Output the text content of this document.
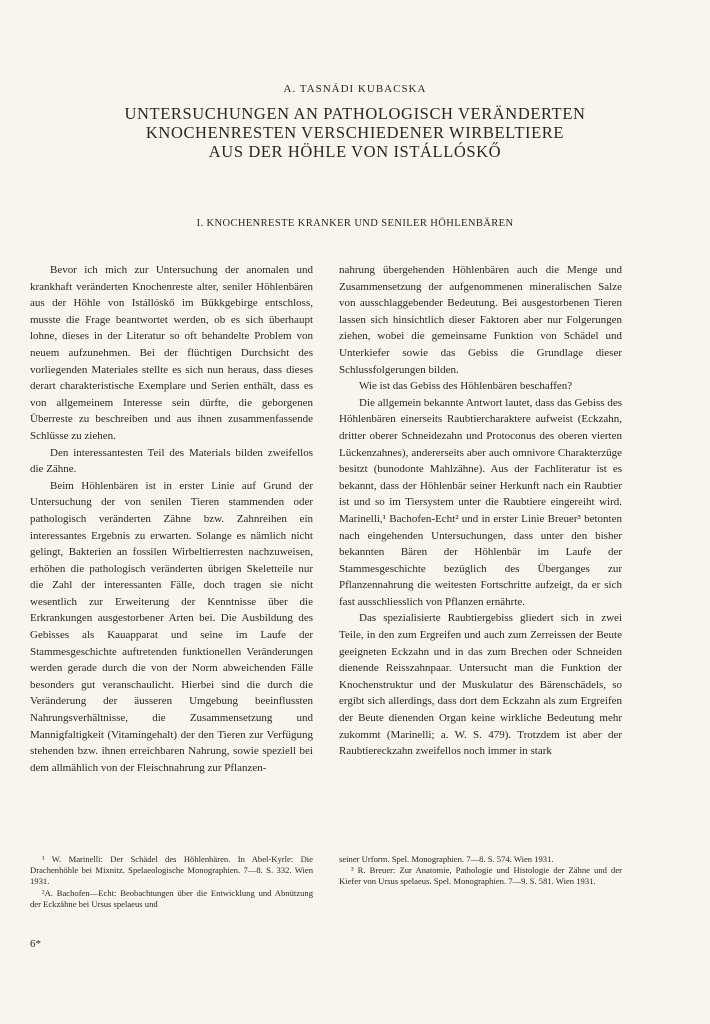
A. TASNÁDI KUBACSKA
UNTERSUCHUNGEN AN PATHOLOGISCH VERÄNDERTEN
KNOCHENRESTEN VERSCHIEDENER WIRBELTIERE
AUS DER HÖHLE VON ISTÁLLÓSKŐ
I. KNOCHENRESTE KRANKER UND SENILER HÖHLENBÄREN

Bevor ich mich zur Untersuchung der anomalen und krankhaft veränderten Knochenreste alter, seniler Höhlenbären aus der Höhle von Istállóskő im Bükkgebirge entschloss, musste die Frage beantwortet werden, ob es sich überhaupt lohne, dieses in der Literatur so oft behandelte Problem von neuem aufzunehmen. Bei der flüchtigen Durchsicht des vorliegenden Materiales stellte es sich nun heraus, dass dieses derart charakteristische Exemplare und Serien enthält, dass es von allgemeinem Interesse sein dürfte, die geborgenen Überreste zu beschreiben und aus ihnen zusammenfassende Schlüsse zu ziehen.

Den interessantesten Teil des Materials bilden zweifellos die Zähne.

Beim Höhlenbären ist in erster Linie auf Grund der Untersuchung der von senilen Tieren stammenden oder pathologisch veränderten Zähne bzw. Zahnreihen ein interessantes Ergebnis zu erwarten. Solange es nämlich nicht gelingt, Bakterien an fossilen Wirbeltierresten nachzuweisen, erhöhen die pathologisch veränderten übrigen Skeletteile nur die Zahl der interessanten Fälle, doch tragen sie nicht wesentlich zur Erweiterung der Kenntnisse über die Erkrankungen ausgestorbener Arten bei. Die Ausbildung des Gebisses als Kauapparat und seine im Laufe der Stammesgeschichte auftretenden funktionellen Veränderungen werden gerade durch die von der Norm abweichenden Fälle besonders gut veranschaulicht. Hierbei sind die durch die Veränderung der äusseren Umgebung beeinflussten Nahrungsverhältnisse, die Zusammensetzung und Mannigfaltigkeit (Vitamingehalt) der den Tieren zur Verfügung stehenden bzw. ihnen erreichbaren Nahrung, sowie speziell bei dem allmählich von der Fleischnahrung zur Pflanzen-

nahrung übergehenden Höhlenbären auch die Menge und Zusammensetzung der aufgenommenen mineralischen Salze von ausschlaggebender Bedeutung. Bei ausgestorbenen Tieren lassen sich hinsichtlich dieser Faktoren aber nur Folgerungen ziehen, wobei die gemeinsame Funktion von Schädel und Unterkiefer sowie das Gebiss die Grundlage dieser Schlussfolgerungen bilden.

Wie ist das Gebiss des Höhlenbären beschaffen?

Die allgemein bekannte Antwort lautet, dass das Gebiss des Höhlenbären einerseits Raubtiercharaktere aufweist (Eckzahn, dritter oberer Schneidezahn und Protoconus des oberen vierten Lückenzahnes), andererseits aber auch omnivore Charakterzüge besitzt (bunodonte Mahlzähne). Aus der Fachliteratur ist es bekannt, dass der Höhlenbär seiner Herkunft nach ein Raubtier ist und so im Tiersystem unter die Raubtiere eingereiht wird. Marinelli,¹ Bachofen-Echt² und in erster Linie Breuer³ betonten nach eingehenden Untersuchungen, dass unter den bisher bekannten Bären der Höhlenbär im Laufe der Stammesgeschichte bezüglich des Überganges zur Pflanzennahrung die weitesten Fortschritte aufzeigt, da er sich fast ausschliesslich von Pflanzen ernährte.

Das spezialisierte Raubtiergebiss gliedert sich in zwei Teile, in den zum Ergreifen und auch zum Zerreissen der Beute geeigneten Eckzahn und in das zum Brechen oder Schneiden dienende Reisszahnpaar. Untersucht man die Funktion der Knochenstruktur und der Muskulatur des Bärenschädels, so ergibt sich allerdings, dass dort dem Eckzahn als zum Ergreifen der Beute dienenden Organ keine wirkliche Bedeutung mehr zukommt (Marinelli; a. W. S. 479). Trotzdem ist aber der Raubtiereckzahn zweifellos noch immer in stark

¹ W. Marinelli: Der Schädel des Höhlenbären. In Abel-Kyrle: Die Drachenhöhle bei Mixnitz. Spelaeologische Monographien. 7—8. S. 332. Wien 1931.

²A. Bachofen—Echt: Beobachtungen über die Entwicklung und Abnützung der Eckzähne bei Ursus spelaeus und

seiner Urform. Spel. Monographien. 7—8. S. 574. Wien 1931.

³ R. Breuer: Zur Anatomie, Pathologie und Histologie der Zähne und der Kiefer von Ursus spelaeus. Spel. Monographien. 7—9. S. 581. Wien 1931.

6*
